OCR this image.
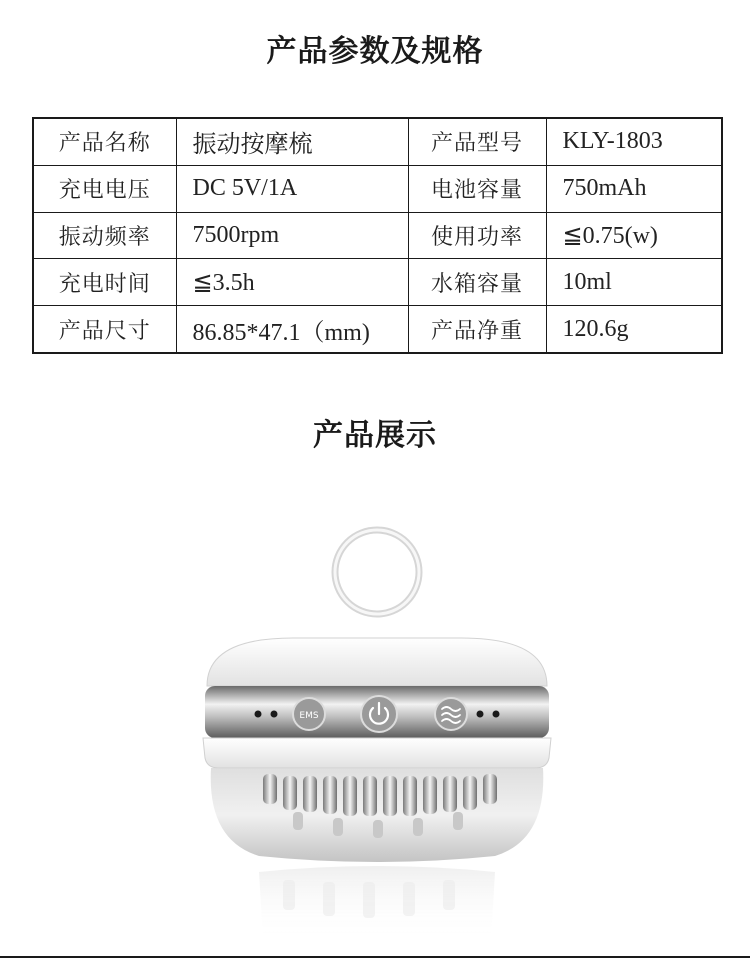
产品参数及规格
产品名称	振动按摩梳	产品型号	KLY-1803
充电电压	DC 5V/1A	电池容量	750mAh
振动频率	7500rpm	使用功率	≦0.75(w)
充电时间	≦3.5h	水箱容量	10ml
产品尺寸	86.85*47.1（mm)	产品净重	120.6g
产品展示
EMS
